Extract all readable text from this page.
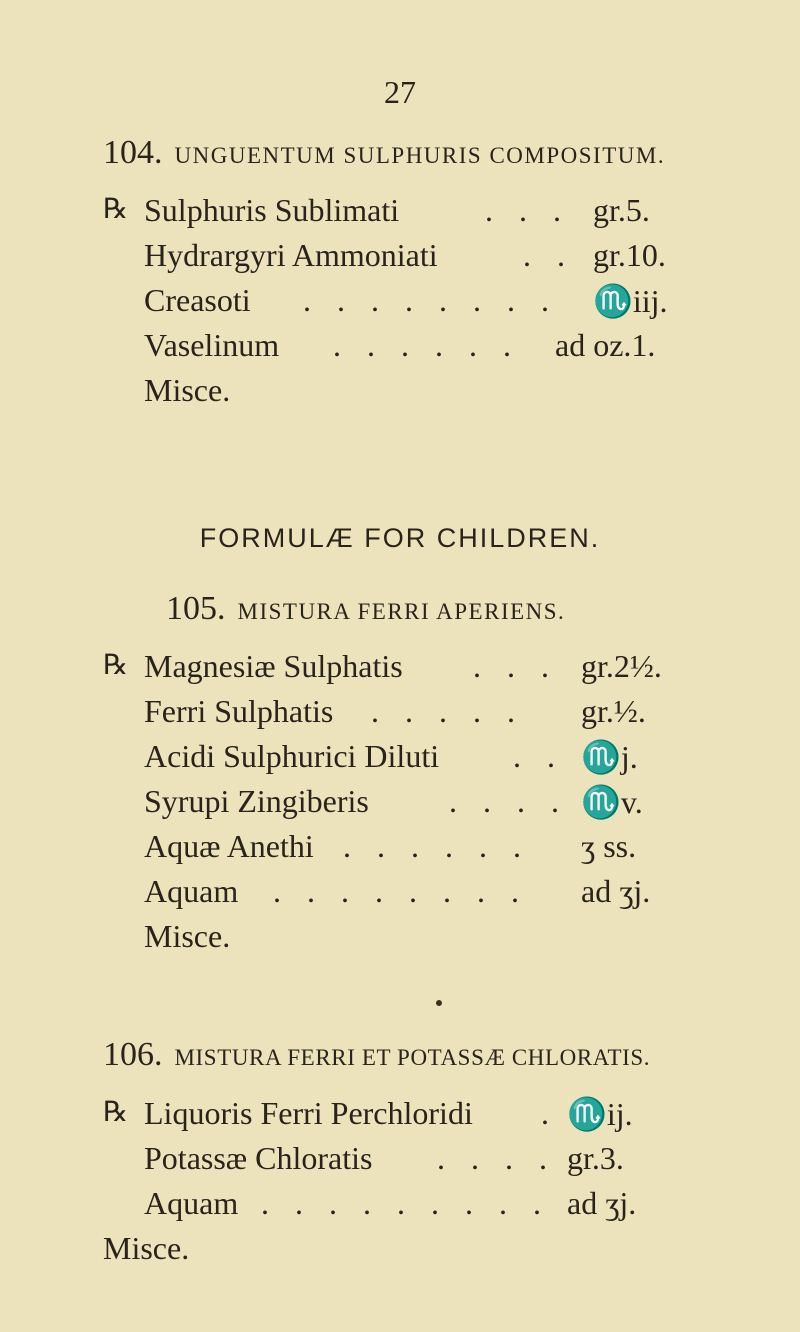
27
104. UNGUENTUM SULPHURIS COMPOSITUM.
℞ Sulphuris Sublimati	. . . gr.5.
Hydrargyri Ammoniati	. . gr.10.
Creasoti . . . . . . . . ♏iij.
Vaselinum . . . . . . ad oz.1.
Misce.
FORMULÆ FOR CHILDREN.
105. MISTURA FERRI APERIENS.
℞ Magnesiæ Sulphatis . . . gr.2½.
Ferri Sulphatis . . . . . gr.½.
Acidi Sulphurici Diluti . . ♏j.
Syrupi Zingiberis	. . . . ♏v.
Aquæ Anethi . . . . . . ʒ ss.
Aquam . . . . . . . . ad ʒj.
Misce.
106. MISTURA FERRI ET POTASSÆ CHLORATIS.
℞ Liquoris Ferri Perchloridi . ♏ij.
Potassæ Chloratis . . . . gr.3.
Aquam . . . . . . . . . ad ʒj.
Misce.
